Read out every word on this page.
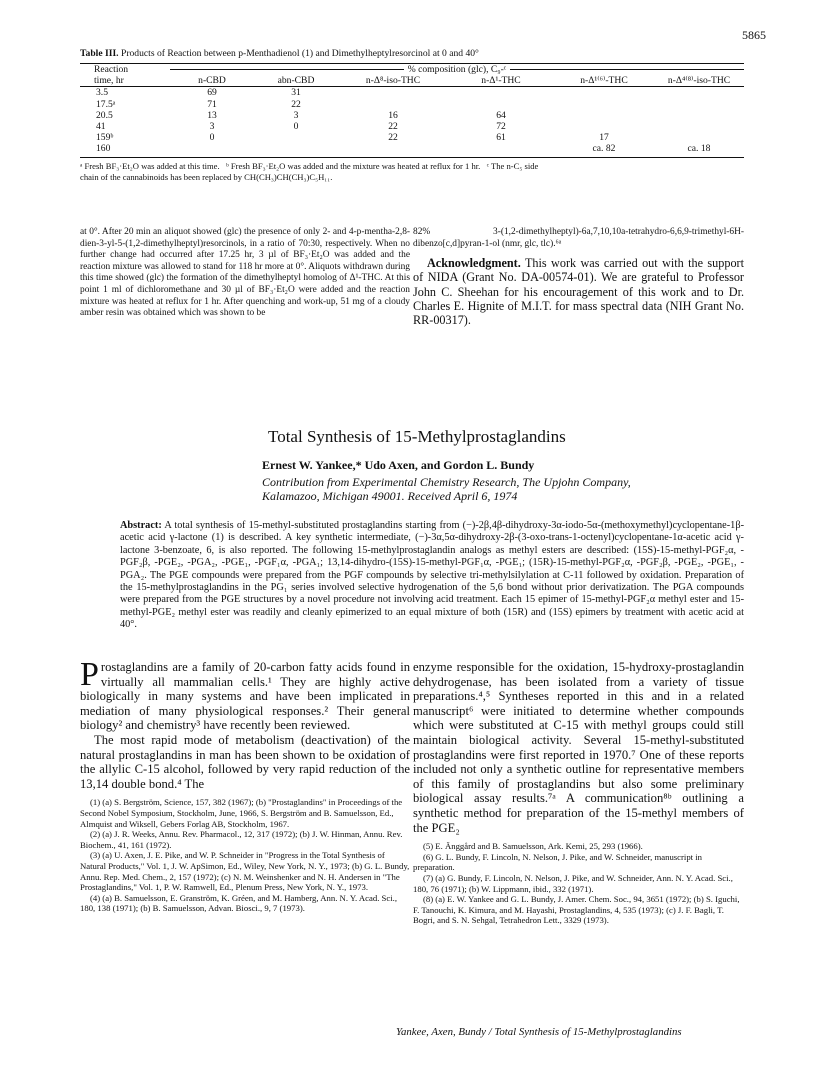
5865
Table III. Products of Reaction between p-Menthadienol (1) and Dimethylheptylresorcinol at 0 and 40°
Reaction	% composition (glc), C₉-ᶜ					

time, hr	n-CBD	abn-CBD	n-Δ⁸-iso-THC	n-Δ¹-THC	n-Δ¹⁽⁶⁾-THC	n-Δ⁴⁽⁸⁾-iso-THC
3.5	69	31				
17.5ᵃ	71	22				
20.5	13	3	16	64		
41	3	0	22	72		
159ᵇ	0		22	61	17	
160					ca. 82	ca. 18
ᵃ Fresh BF₃·Et₂O was added at this time. ᵇ Fresh BF₃·Et₂O was added and the mixture was heated at reflux for 1 hr. ᶜ The n-C₅ side
chain of the cannabinoids has been replaced by CH(CH₃)CH(CH₃)C₅H₁₁.

at 0°. After 20 min an aliquot showed (glc) the presence of only 2- and 4-p-mentha-2,8-dien-3-yl-5-(1,2-dimethylheptyl)resorcinols, in a ratio of 70:30, respectively. When no further change had occurred after 17.25 hr, 3 µl of BF₃·Et₂O was added and the reaction mixture was allowed to stand for 118 hr more at 0°. Aliquots withdrawn during this time showed (glc) the formation of the dimethylheptyl homolog of Δ¹-THC. At this point 1 ml of dichloromethane and 30 µl of BF₃·Et₂O were added and the reaction mixture was heated at reflux for 1 hr. After quenching and work-up, 51 mg of a cloudy amber resin was obtained which was shown to be

82% 3-(1,2-dimethylheptyl)-6a,7,10,10a-tetrahydro-6,6,9-trimethyl-6H-dibenzo[c,d]pyran-1-ol (nmr, glc, tlc).⁶ᵃ

Acknowledgment. This work was carried out with the support of NIDA (Grant No. DA-00574-01). We are grateful to Professor John C. Sheehan for his encouragement of this work and to Dr. Charles E. Hignite of M.I.T. for mass spectral data (NIH Grant No. RR-00317).

Total Synthesis of 15-Methylprostaglandins
Ernest W. Yankee,* Udo Axen, and Gordon L. Bundy
Contribution from Experimental Chemistry Research, The Upjohn Company,
Kalamazoo, Michigan 49001. Received April 6, 1974
Abstract: A total synthesis of 15-methyl-substituted prostaglandins starting from (−)-2β,4β-dihydroxy-3α-iodo-5α-(methoxymethyl)cyclopentane-1β-acetic acid γ-lactone (1) is described. A key synthetic intermediate, (−)-3α,5α-dihydroxy-2β-(3-oxo-trans-1-octenyl)cyclopentane-1α-acetic acid γ-lactone 3-benzoate, 6, is also reported. The following 15-methylprostaglandin analogs as methyl esters are described: (15S)-15-methyl-PGF₂α, -PGF₂β, -PGE₂, -PGA₂, -PGE₁, -PGF₁α, -PGA₁; 13,14-dihydro-(15S)-15-methyl-PGF₁α, -PGE₁; (15R)-15-methyl-PGF₂α, -PGF₂β, -PGE₂, -PGE₁, -PGA₂. The PGE compounds were prepared from the PGF compounds by selective tri-methylsilylation at C-11 followed by oxidation. Preparation of the 15-methylprostaglandins in the PG₁ series involved selective hydrogenation of the 5,6 bond without prior derivatization. The PGA compounds were prepared from the PGE structures by a novel procedure not involving acid treatment. Each 15 epimer of 15-methyl-PGF₂α methyl ester and 15-methyl-PGE₂ methyl ester was readily and cleanly epimerized to an equal mixture of both (15R) and (15S) epimers by treatment with acetic acid at 40°.
Prostaglandins are a family of 20-carbon fatty acids found in virtually all mammalian cells.¹ They are highly active biologically in many systems and have been implicated in mediation of many physiological responses.² Their general biology² and chemistry³ have recently been reviewed.

The most rapid mode of metabolism (deactivation) of the natural prostaglandins in man has been shown to be oxidation of the allylic C-15 alcohol, followed by very rapid reduction of the 13,14 double bond.⁴ The

(1) (a) S. Bergström, Science, 157, 382 (1967); (b) "Prostaglandins" in Proceedings of the Second Nobel Symposium, Stockholm, June, 1966, S. Bergström and B. Samuelsson, Ed., Almquist and Wiksell, Gebers Forlag AB, Stockholm, 1967.

(2) (a) J. R. Weeks, Annu. Rev. Pharmacol., 12, 317 (1972); (b) J. W. Hinman, Annu. Rev. Biochem., 41, 161 (1972).

(3) (a) U. Axen, J. E. Pike, and W. P. Schneider in "Progress in the Total Synthesis of Natural Products," Vol. 1, J. W. ApSimon, Ed., Wiley, New York, N. Y., 1973; (b) G. L. Bundy, Annu. Rep. Med. Chem., 2, 157 (1972); (c) N. M. Weinshenker and N. H. Andersen in "The Prostaglandins," Vol. 1, P. W. Ramwell, Ed., Plenum Press, New York, N. Y., 1973.

(4) (a) B. Samuelsson, E. Granström, K. Gréen, and M. Hamberg, Ann. N. Y. Acad. Sci., 180, 138 (1971); (b) B. Samuelsson, Advan. Biosci., 9, 7 (1973).

enzyme responsible for the oxidation, 15-hydroxy-prostaglandin dehydrogenase, has been isolated from a variety of tissue preparations.⁴,⁵ Syntheses reported in this and in a related manuscript⁶ were initiated to determine whether compounds which were substituted at C-15 with methyl groups could still maintain biological activity. Several 15-methyl-substituted prostaglandins were first reported in 1970.⁷ One of these reports included not only a synthetic outline for representative members of this family of prostaglandins but also some preliminary biological assay results.⁷ᵃ A communication⁸ᵇ outlining a synthetic method for preparation of the 15-methyl members of the PGE₂

(5) E. Änggård and B. Samuelsson, Ark. Kemi, 25, 293 (1966).

(6) G. L. Bundy, F. Lincoln, N. Nelson, J. Pike, and W. Schneider, manuscript in preparation.

(7) (a) G. Bundy, F. Lincoln, N. Nelson, J. Pike, and W. Schneider, Ann. N. Y. Acad. Sci., 180, 76 (1971); (b) W. Lippmann, ibid., 332 (1971).

(8) (a) E. W. Yankee and G. L. Bundy, J. Amer. Chem. Soc., 94, 3651 (1972); (b) S. Iguchi, F. Tanouchi, K. Kimura, and M. Hayashi, Prostaglandins, 4, 535 (1973); (c) J. F. Bagli, T. Bogri, and S. N. Sehgal, Tetrahedron Lett., 3329 (1973).

Yankee, Axen, Bundy / Total Synthesis of 15-Methylprostaglandins
